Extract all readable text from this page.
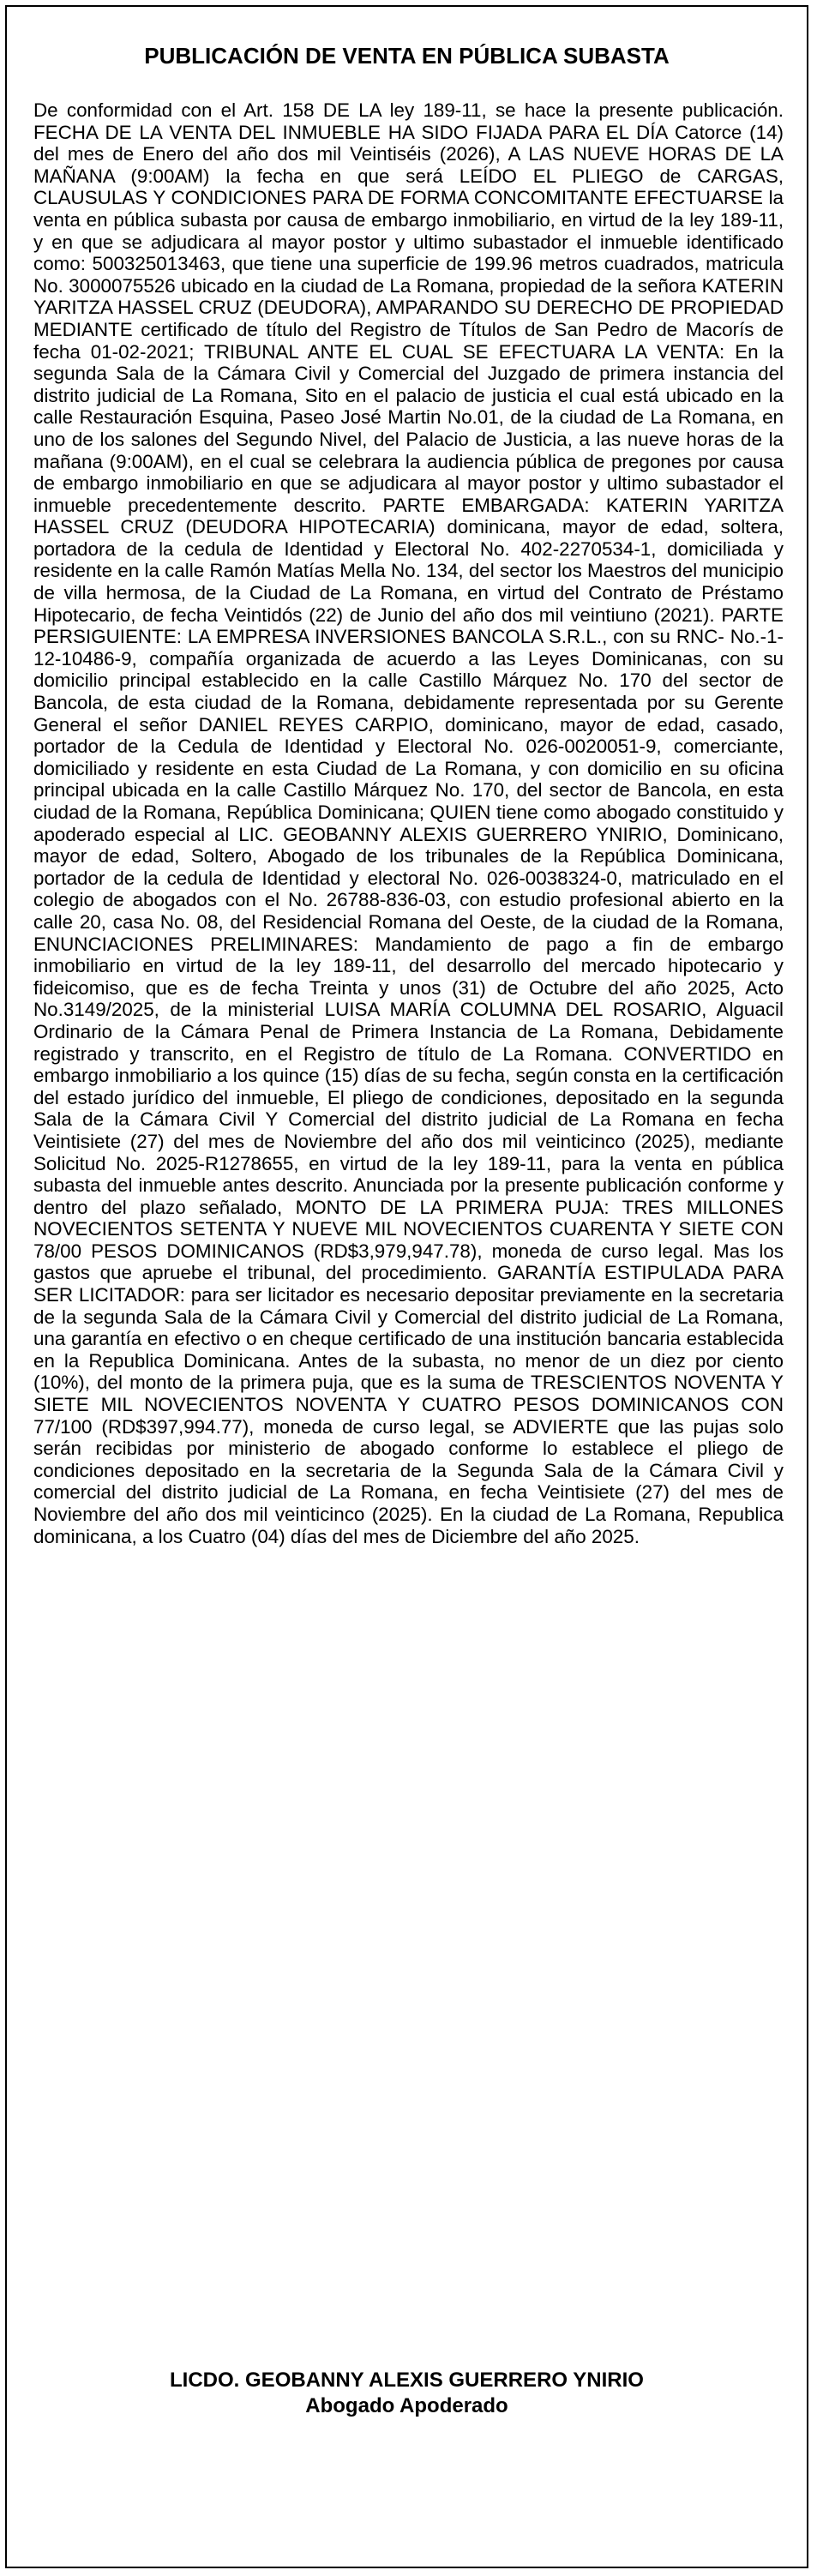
PUBLICACIÓN DE VENTA EN PÚBLICA SUBASTA

De conformidad con el Art. 158 DE LA ley 189-11, se hace la presente publicación. FECHA DE LA VENTA DEL INMUEBLE HA SIDO FIJADA PARA EL DÍA Catorce (14) del mes de Enero del año dos mil Veintiséis (2026), A LAS NUEVE HORAS DE LA MAÑANA (9:00AM) la fecha en que será LEÍDO EL PLIEGO de CARGAS, CLAUSULAS Y CONDICIONES PARA DE FORMA CONCOMITANTE EFECTUARSE la venta en pública subasta por causa de embargo inmobiliario, en virtud de la ley 189-11, y en que se adjudicara al mayor postor y ultimo subastador el inmueble identificado como: 500325013463, que tiene una superficie de 199.96 metros cuadrados, matricula No. 3000075526 ubicado en la ciudad de La Romana, propiedad de la señora KATERIN YARITZA HASSEL CRUZ (DEUDORA), AMPARANDO SU DERECHO DE PROPIEDAD MEDIANTE certificado de título del Registro de Títulos de San Pedro de Macorís de fecha 01-02-2021; TRIBUNAL ANTE EL CUAL SE EFECTUARA LA VENTA: En la segunda Sala de la Cámara Civil y Comercial del Juzgado de primera instancia del distrito judicial de La Romana, Sito en el palacio de justicia el cual está ubicado en la calle Restauración Esquina, Paseo José Martin No.01, de la ciudad de La Romana, en uno de los salones del Segundo Nivel, del Palacio de Justicia, a las nueve horas de la mañana (9:00AM), en el cual se celebrara la audiencia pública de pregones por causa de embargo inmobiliario en que se adjudicara al mayor postor y ultimo subastador el inmueble precedentemente descrito. PARTE EMBARGADA: KATERIN YARITZA HASSEL CRUZ (DEUDORA HIPOTECARIA) dominicana, mayor de edad, soltera, portadora de la cedula de Identidad y Electoral No. 402-2270534-1, domiciliada y residente en la calle Ramón Matías Mella No. 134, del sector los Maestros del municipio de villa hermosa, de la Ciudad de La Romana, en virtud del Contrato de Préstamo Hipotecario, de fecha Veintidós (22) de Junio del año dos mil veintiuno (2021). PARTE PERSIGUIENTE: LA EMPRESA INVERSIONES BANCOLA S.R.L., con su RNC- No.-1-12-10486-9, compañía organizada de acuerdo a las Leyes Dominicanas, con su domicilio principal establecido en la calle Castillo Márquez No. 170 del sector de Bancola, de esta ciudad de la Romana, debidamente representada por su Gerente General el señor DANIEL REYES CARPIO, dominicano, mayor de edad, casado, portador de la Cedula de Identidad y Electoral No. 026-0020051-9, comerciante, domiciliado y residente en esta Ciudad de La Romana, y con domicilio en su oficina principal ubicada en la calle Castillo Márquez No. 170, del sector de Bancola, en esta ciudad de la Romana, República Dominicana; QUIEN tiene como abogado constituido y apoderado especial al LIC. GEOBANNY ALEXIS GUERRERO YNIRIO, Dominicano, mayor de edad, Soltero, Abogado de los tribunales de la República Dominicana, portador de la cedula de Identidad y electoral No. 026-0038324-0, matriculado en el colegio de abogados con el No. 26788-836-03, con estudio profesional abierto en la calle 20, casa No. 08, del Residencial Romana del Oeste, de la ciudad de la Romana, ENUNCIACIONES PRELIMINARES: Mandamiento de pago a fin de embargo inmobiliario en virtud de la ley 189-11, del desarrollo del mercado hipotecario y fideicomiso, que es de fecha Treinta y unos (31) de Octubre del año 2025, Acto No.3149/2025, de la ministerial LUISA MARÍA COLUMNA DEL ROSARIO, Alguacil Ordinario de la Cámara Penal de Primera Instancia de La Romana, Debidamente registrado y transcrito, en el Registro de título de La Romana. CONVERTIDO en embargo inmobiliario a los quince (15) días de su fecha, según consta en la certificación del estado jurídico del inmueble, El pliego de condiciones, depositado en la segunda Sala de la Cámara Civil Y Comercial del distrito judicial de La Romana en fecha Veintisiete (27) del mes de Noviembre del año dos mil veinticinco (2025), mediante Solicitud No. 2025-R1278655, en virtud de la ley 189-11, para la venta en pública subasta del inmueble antes descrito. Anunciada por la presente publicación conforme y dentro del plazo señalado, MONTO DE LA PRIMERA PUJA: TRES MILLONES NOVECIENTOS SETENTA Y NUEVE MIL NOVECIENTOS CUARENTA Y SIETE CON 78/00 PESOS DOMINICANOS (RD$3,979,947.78), moneda de curso legal. Mas los gastos que apruebe el tribunal, del procedimiento. GARANTÍA ESTIPULADA PARA SER LICITADOR: para ser licitador es necesario depositar previamente en la secretaria de la segunda Sala de la Cámara Civil y Comercial del distrito judicial de La Romana, una garantía en efectivo o en cheque certificado de una institución bancaria establecida en la Republica Dominicana. Antes de la subasta, no menor de un diez por ciento (10%), del monto de la primera puja, que es la suma de TRESCIENTOS NOVENTA Y SIETE MIL NOVECIENTOS NOVENTA Y CUATRO PESOS DOMINICANOS CON 77/100 (RD$397,994.77), moneda de curso legal, se ADVIERTE que las pujas solo serán recibidas por ministerio de abogado conforme lo establece el pliego de condiciones depositado en la secretaria de la Segunda Sala de la Cámara Civil y comercial del distrito judicial de La Romana, en fecha Veintisiete (27) del mes de Noviembre del año dos mil veinticinco (2025). En la ciudad de La Romana, Republica dominicana, a los Cuatro (04) días del mes de Diciembre del año 2025.

LICDO. GEOBANNY ALEXIS GUERRERO YNIRIO
Abogado Apoderado
